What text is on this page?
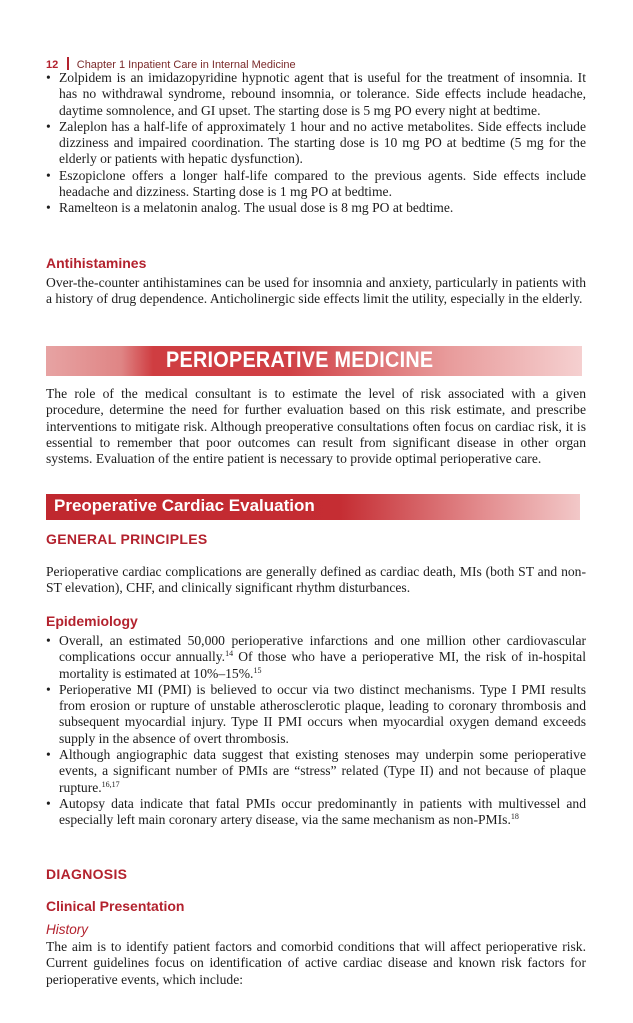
12 Chapter 1 Inpatient Care in Internal Medicine
• Zolpidem is an imidazopyridine hypnotic agent that is useful for the treatment of insomnia. It has no withdrawal syndrome, rebound insomnia, or tolerance. Side effects include headache, daytime somnolence, and GI upset. The starting dose is 5 mg PO every night at bedtime.
• Zaleplon has a half-life of approximately 1 hour and no active metabolites. Side effects include dizziness and impaired coordination. The starting dose is 10 mg PO at bedtime (5 mg for the elderly or patients with hepatic dysfunction).
• Eszopiclone offers a longer half-life compared to the previous agents. Side effects include headache and dizziness. Starting dose is 1 mg PO at bedtime.
• Ramelteon is a melatonin analog. The usual dose is 8 mg PO at bedtime.
Antihistamines

Over-the-counter antihistamines can be used for insomnia and anxiety, particularly in patients with a history of drug dependence. Anticholinergic side effects limit the utility, especially in the elderly.

PERIOPERATIVE MEDICINE

The role of the medical consultant is to estimate the level of risk associated with a given procedure, determine the need for further evaluation based on this risk estimate, and prescribe interventions to mitigate risk. Although preoperative consultations often focus on cardiac risk, it is essential to remember that poor outcomes can result from significant disease in other organ systems. Evaluation of the entire patient is necessary to provide optimal perioperative care.

Preoperative Cardiac Evaluation
GENERAL PRINCIPLES

Perioperative cardiac complications are generally defined as cardiac death, MIs (both ST and non-ST elevation), CHF, and clinically significant rhythm disturbances.

Epidemiology
• Overall, an estimated 50,000 perioperative infarctions and one million other cardiovascular complications occur annually.$^{14}$ Of those who have a perioperative MI, the risk of in-hospital mortality is estimated at 10%–15%.$^{15}$
• Perioperative MI (PMI) is believed to occur via two distinct mechanisms. Type I PMI results from erosion or rupture of unstable atherosclerotic plaque, leading to coronary thrombosis and subsequent myocardial injury. Type II PMI occurs when myocardial oxygen demand exceeds supply in the absence of overt thrombosis.
• Although angiographic data suggest that existing stenoses may underpin some perioperative events, a significant number of PMIs are “stress” related (Type II) and not because of plaque rupture.$^{16,17}$
• Autopsy data indicate that fatal PMIs occur predominantly in patients with multivessel and especially left main coronary artery disease, via the same mechanism as non-PMIs.$^{18}$
DIAGNOSIS
Clinical Presentation
History

The aim is to identify patient factors and comorbid conditions that will affect perioperative risk. Current guidelines focus on identification of active cardiac disease and known risk factors for perioperative events, which include:
